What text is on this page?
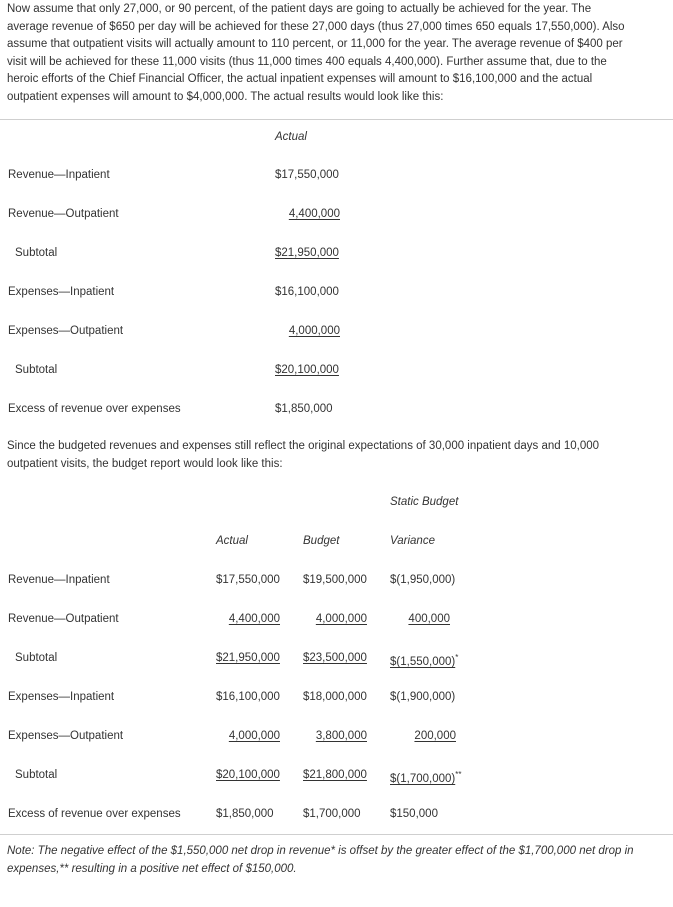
Now assume that only 27,000, or 90 percent, of the patient days are going to actually be achieved for the year. The average revenue of $650 per day will be achieved for these 27,000 days (thus 27,000 times 650 equals 17,550,000). Also assume that outpatient visits will actually amount to 110 percent, or 11,000 for the year. The average revenue of $400 per visit will be achieved for these 11,000 visits (thus 11,000 times 400 equals 4,400,000). Further assume that, due to the heroic efforts of the Chief Financial Officer, the actual inpatient expenses will amount to $16,100,000 and the actual outpatient expenses will amount to $4,000,000. The actual results would look like this:

Actual
Revenue—Inpatient	$17,550,000
Revenue—Outpatient	4,400,000
Subtotal	$21,950,000
Expenses—Inpatient	$16,100,000
Expenses—Outpatient	4,000,000
Subtotal	$20,100,000
Excess of revenue over expenses	$1,850,000

Since the budgeted revenues and expenses still reflect the original expectations of 30,000 inpatient days and 10,000 outpatient visits, the budget report would look like this:

Static Budget
Actual	Budget	Variance
Revenue—Inpatient	$17,550,000 $19,500,000 $(1,950,000)
Revenue—Outpatient	4,400,000	4,000,000	400,000
Subtotal	$21,950,000 $23,500,000 $(1,550,000)*
Expenses—Inpatient	$16,100,000 $18,000,000 $(1,900,000)
Expenses—Outpatient	4,000,000	3,800,000	200,000
Subtotal	$20,100,000 $21,800,000 $(1,700,000)**
Excess of revenue over expenses	$1,850,000	$1,700,000	$150,000

Note: The negative effect of the $1,550,000 net drop in revenue* is offset by the greater effect of the $1,700,000 net drop in expenses,** resulting in a positive net effect of $150,000.
